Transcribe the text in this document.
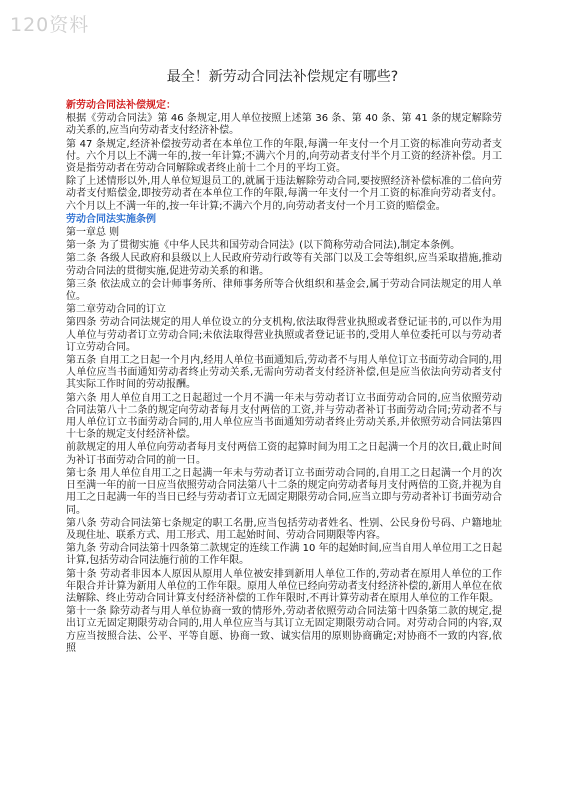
120资料
最全！新劳动合同法补偿规定有哪些?

新劳动合同法补偿规定：

根据《劳动合同法》第 46 条规定,用人单位按照上述第 36 条、第 40 条、第 41 条的规定解除劳动关系的,应当向劳动者支付经济补偿。

第 47 条规定,经济补偿按劳动者在本单位工作的年限,每满一年支付一个月工资的标准向劳动者支付。六个月以上不满一年的,按一年计算;不满六个月的,向劳动者支付半个月工资的经济补偿。月工资是指劳动者在劳动合同解除或者终止前十二个月的平均工资。

除了上述情形以外,用人单位短退员工的,就属于违法解除劳动合同,要按照经济补偿标准的二倍向劳动者支付赔偿金,即按劳动者在本单位工作的年限,每满一年支付一个月工资的标准向劳动者支付。六个月以上不满一年的,按一年计算;不满六个月的,向劳动者支付一个月工资的赔偿金。

劳动合同法实施条例

第一章总 则

第一条 为了贯彻实施《中华人民共和国劳动合同法》(以下简称劳动合同法),制定本条例。

第二条 各级人民政府和县级以上人民政府劳动行政等有关部门以及工会等组织,应当采取措施,推动劳动合同法的贯彻实施,促进劳动关系的和谐。

第三条 依法成立的会计师事务所、律师事务所等合伙组织和基金会,属于劳动合同法规定的用人单位。

第二章劳动合同的订立

第四条 劳动合同法规定的用人单位设立的分支机构,依法取得营业执照或者登记证书的,可以作为用人单位与劳动者订立劳动合同;未依法取得营业执照或者登记证书的,受用人单位委托可以与劳动者订立劳动合同。

第五条 自用工之日起一个月内,经用人单位书面通知后,劳动者不与用人单位订立书面劳动合同的,用人单位应当书面通知劳动者终止劳动关系,无需向劳动者支付经济补偿,但是应当依法向劳动者支付其实际工作时间的劳动报酬。

第六条 用人单位自用工之日起超过一个月不满一年未与劳动者订立书面劳动合同的,应当依照劳动合同法第八十二条的规定向劳动者每月支付两倍的工资,并与劳动者补订书面劳动合同;劳动者不与用人单位订立书面劳动合同的,用人单位应当书面通知劳动者终止劳动关系,并依照劳动合同法第四十七条的规定支付经济补偿。

前款规定的用人单位向劳动者每月支付两倍工资的起算时间为用工之日起满一个月的次日,截止时间为补订书面劳动合同的前一日。

第七条 用人单位自用工之日起满一年未与劳动者订立书面劳动合同的,自用工之日起满一个月的次日至满一年的前一日应当依照劳动合同法第八十二条的规定向劳动者每月支付两倍的工资,并视为自用工之日起满一年的当日已经与劳动者订立无固定期限劳动合同,应当立即与劳动者补订书面劳动合同。

第八条 劳动合同法第七条规定的职工名册,应当包括劳动者姓名、性别、公民身份号码、户籍地址及现住址、联系方式、用工形式、用工起始时间、劳动合同期限等内容。

第九条 劳动合同法第十四条第二款规定的连续工作满 10 年的起始时间,应当自用人单位用工之日起计算,包括劳动合同法施行前的工作年限。

第十条 劳动者非因本人原因从原用人单位被安排到新用人单位工作的,劳动者在原用人单位的工作年限合并计算为新用人单位的工作年限。原用人单位已经向劳动者支付经济补偿的,新用人单位在依法解除、终止劳动合同计算支付经济补偿的工作年限时,不再计算劳动者在原用人单位的工作年限。

第十一条 除劳动者与用人单位协商一致的情形外,劳动者依照劳动合同法第十四条第二款的规定,提出订立无固定期限劳动合同的,用人单位应当与其订立无固定期限劳动合同。对劳动合同的内容,双方应当按照合法、公平、平等自愿、协商一致、诚实信用的原则协商确定;对协商不一致的内容,依照
